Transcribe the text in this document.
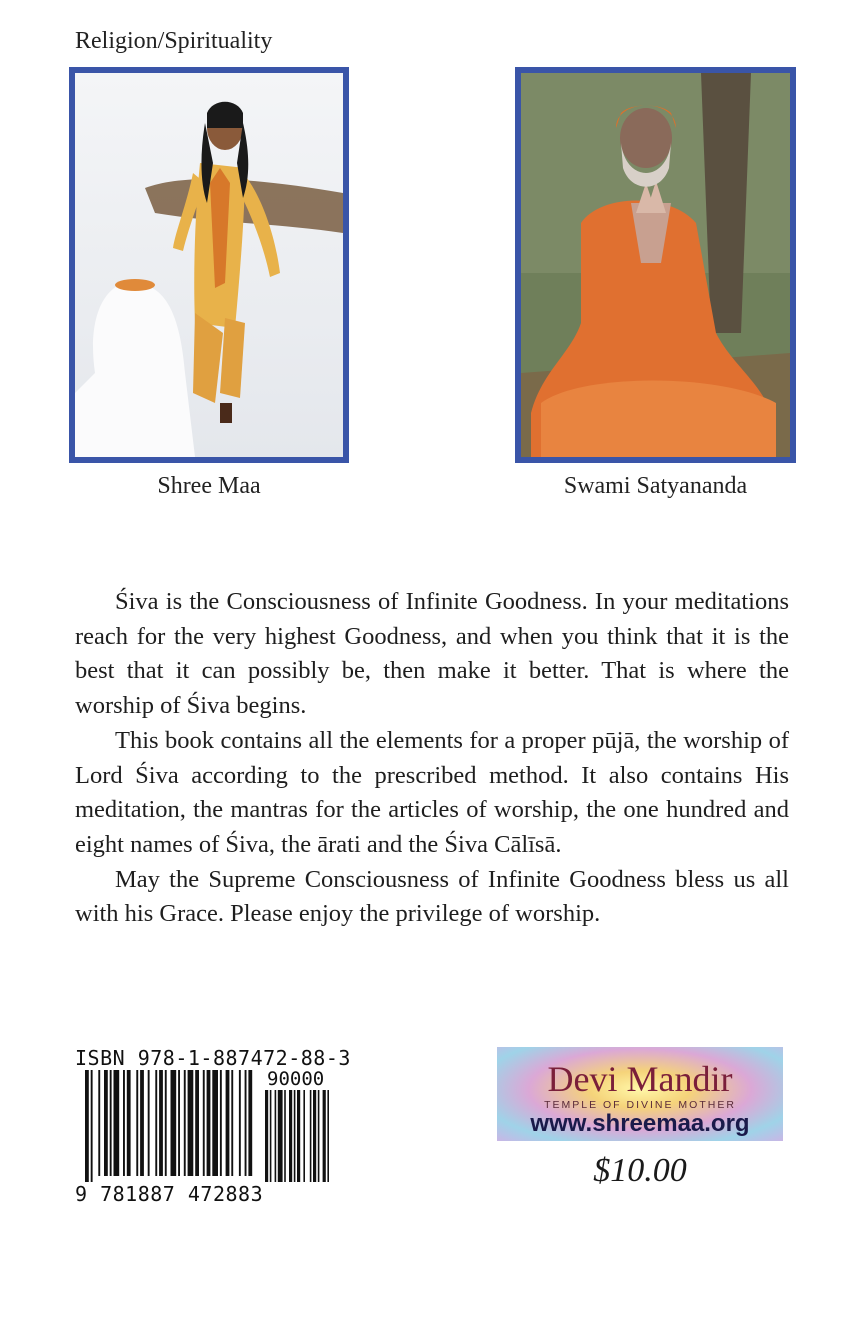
Religion/Spirituality
Shree Maa	Swami Satyananda

Śiva is the Consciousness of Infinite Goodness. In your meditations reach for the very highest Goodness, and when you think that it is the best that it can possibly be, then make it better. That is where the worship of Śiva begins.

This book contains all the elements for a proper pūjā, the worship of Lord Śiva according to the prescribed method. It also contains His meditation, the mantras for the articles of worship, the one hundred and eight names of Śiva, the ārati and the Śiva Cālīsā.

May the Supreme Consciousness of Infinite Goodness bless us all with his Grace. Please enjoy the privilege of worship.

ISBN 978-1-887472-88-3
90000
9 781887 472883
Devi Mandir
TEMPLE OF DIVINE MOTHER
www.shreemaa.org
$10.00
